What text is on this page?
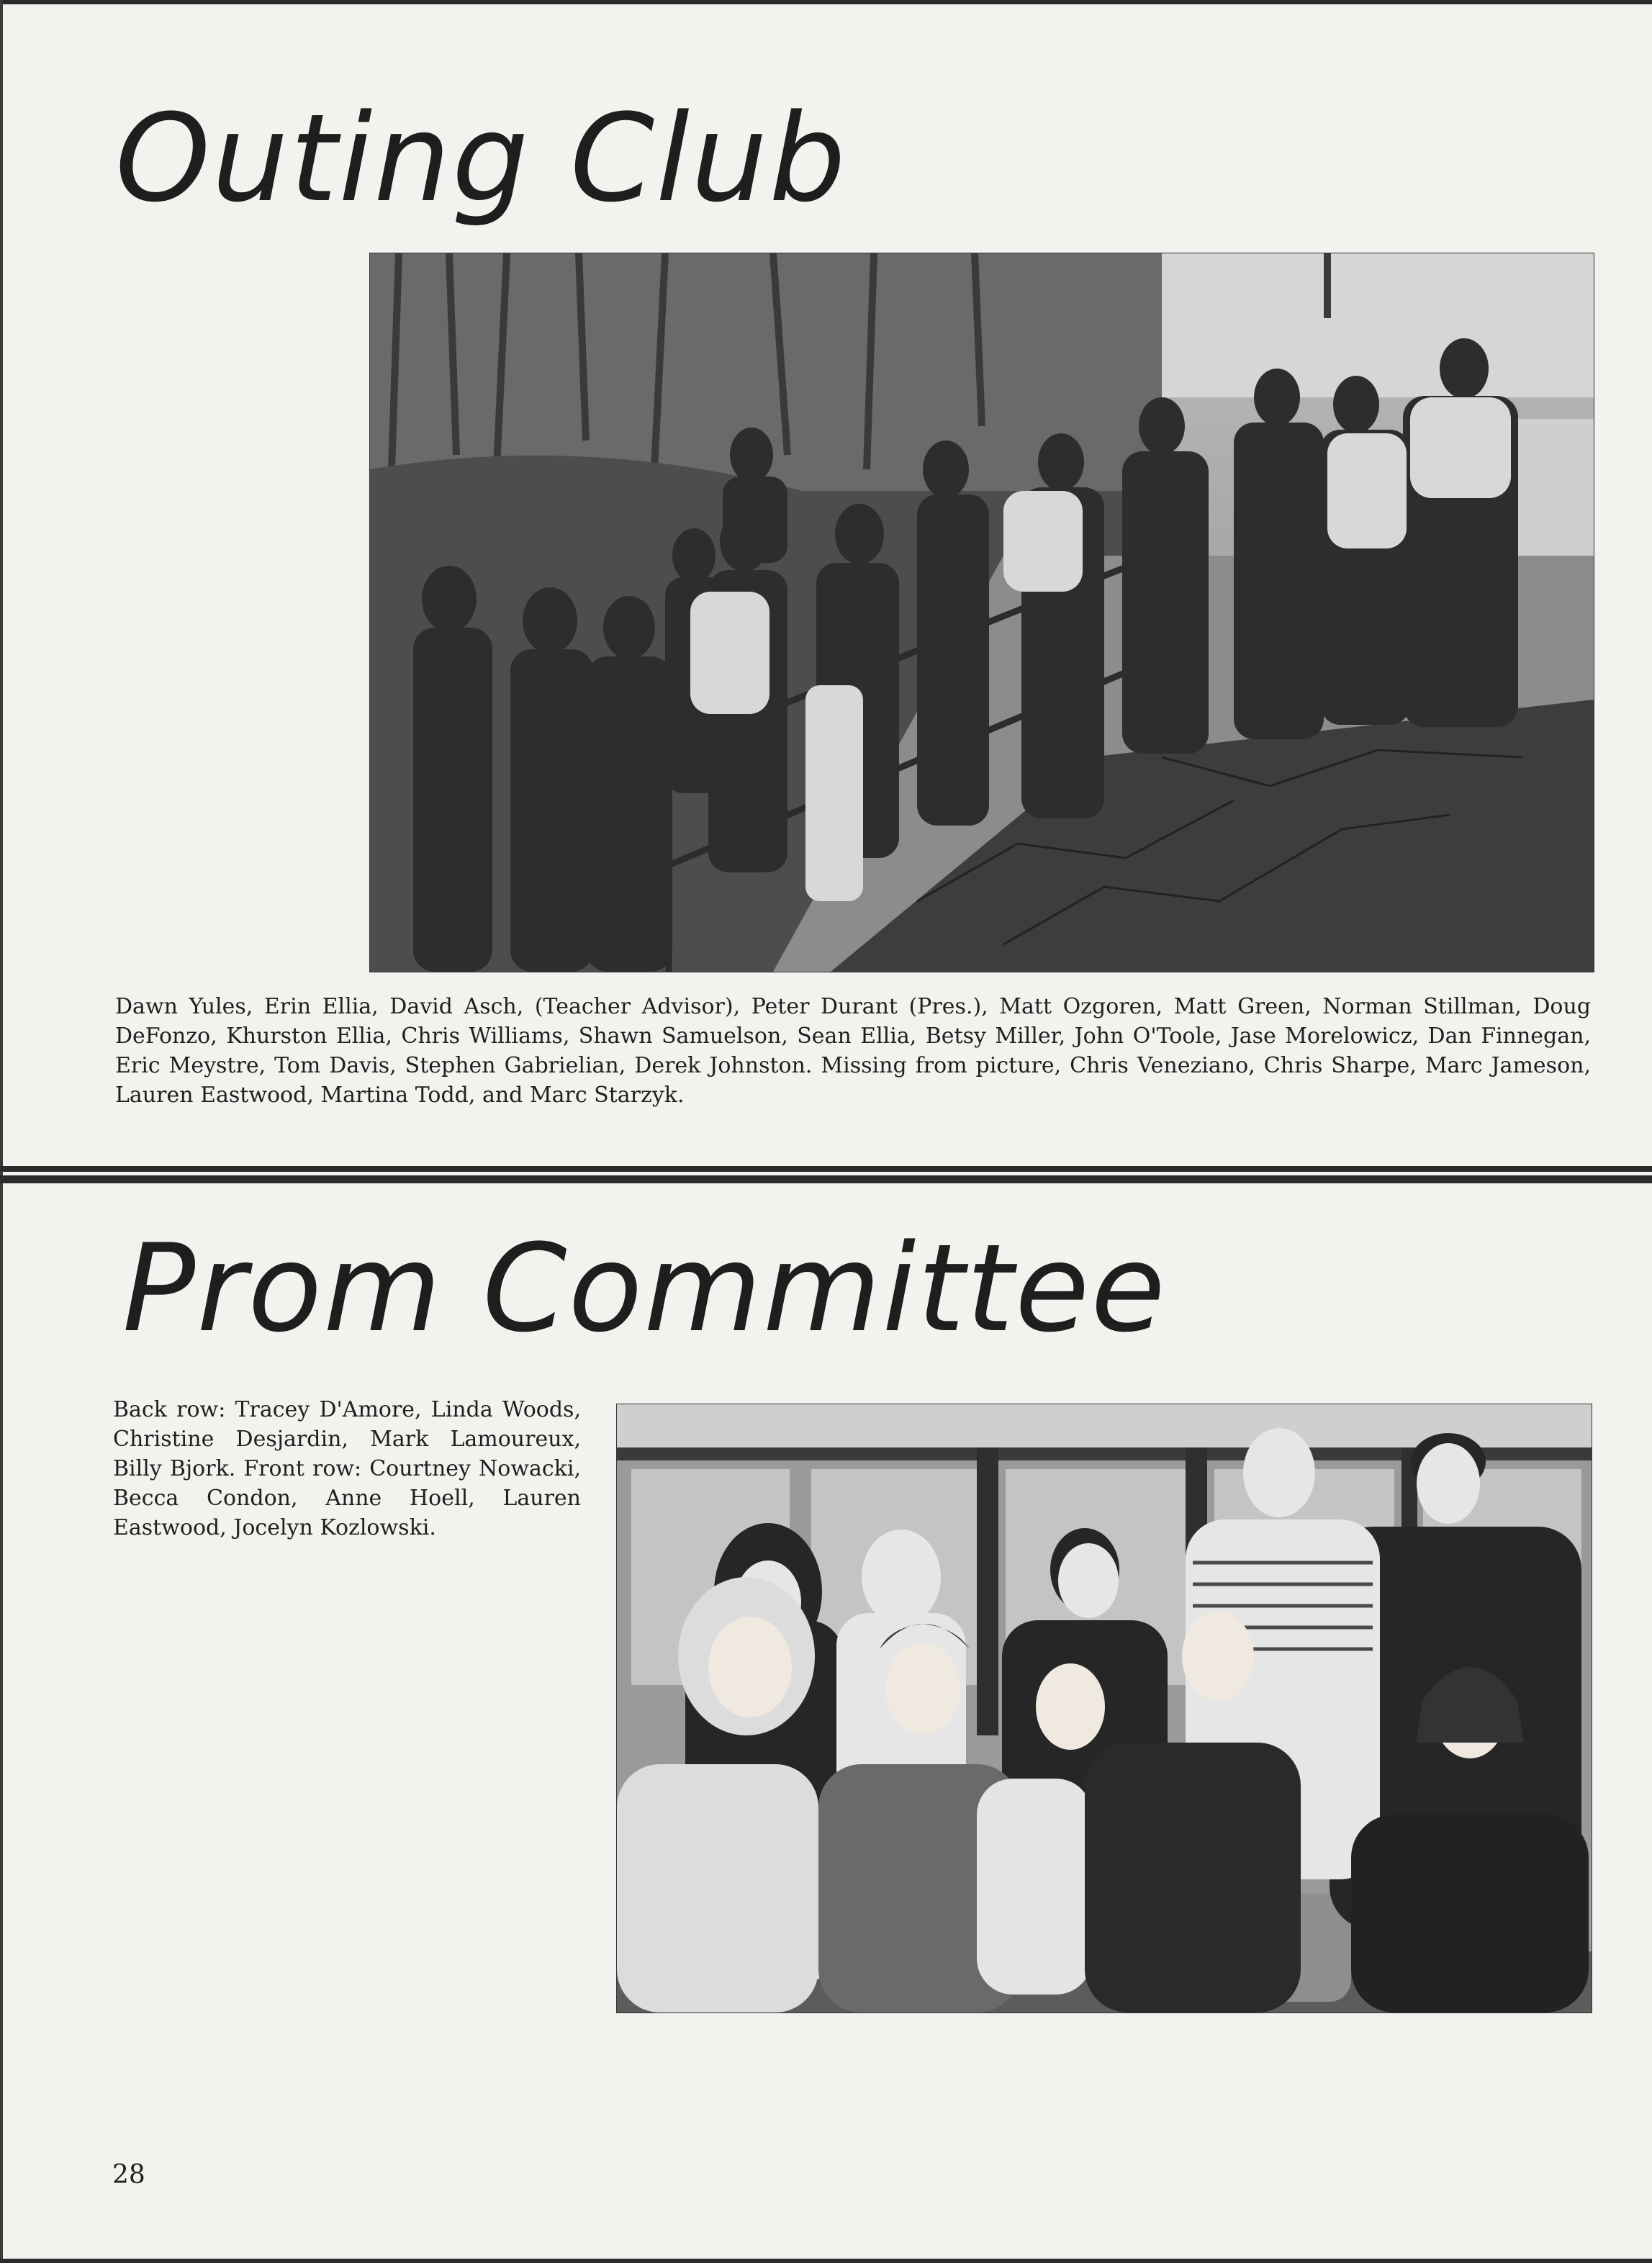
Outing Club

Dawn Yules, Erin Ellia, David Asch, (Teacher Advisor), Peter Durant (Pres.), Matt Ozgoren, Matt Green, Norman Stillman, Doug DeFonzo, Khurston Ellia, Chris Williams, Shawn Samuelson, Sean Ellia, Betsy Miller, John O'Toole, Jase Morelowicz, Dan Finnegan, Eric Meystre, Tom Davis, Stephen Gabrielian, Derek Johnston. Missing from picture, Chris Veneziano, Chris Sharpe, Marc Jameson, Lauren Eastwood, Martina Todd, and Marc Starzyk.

Prom Committee

Back row: Tracey D'Amore, Linda Woods, Christine Desjardin, Mark Lamoureux, Billy Bjork. Front row: Courtney Nowacki, Becca Condon, Anne Hoell, Lauren Eastwood, Jocelyn Kozlowski.

28
